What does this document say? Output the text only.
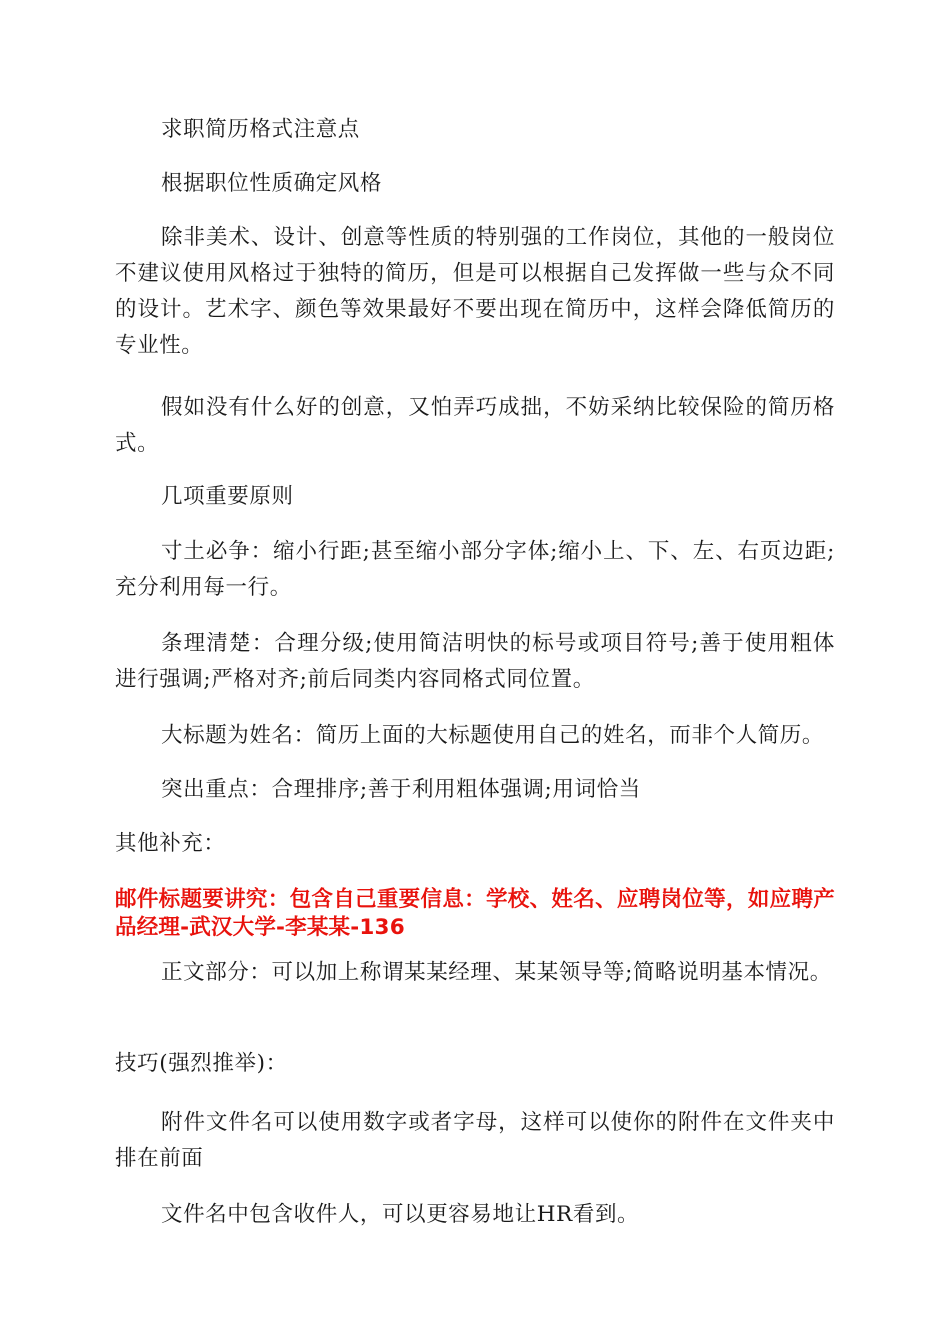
求职简历格式注意点

根据职位性质确定风格

除非美术、设计、创意等性质的特别强的工作岗位，其他的一般岗位不建议使用风格过于独特的简历，但是可以根据自己发挥做一些与众不同的设计。艺术字、颜色等效果最好不要出现在简历中，这样会降低简历的专业性。

假如没有什么好的创意，又怕弄巧成拙，不妨采纳比较保险的简历格式。

几项重要原则

寸土必争：缩小行距;甚至缩小部分字体;缩小上、下、左、右页边距;充分利用每一行。

条理清楚：合理分级;使用简洁明快的标号或项目符号;善于使用粗体进行强调;严格对齐;前后同类内容同格式同位置。

大标题为姓名：简历上面的大标题使用自己的姓名，而非个人简历。

突出重点：合理排序;善于利用粗体强调;用词恰当

其他补充：

邮件标题要讲究：包含自己重要信息：学校、姓名、应聘岗位等，如应聘产品经理-武汉大学-李某某-136

正文部分：可以加上称谓某某经理、某某领导等;简略说明基本情况。

技巧(强烈推举)：

附件文件名可以使用数字或者字母，这样可以使你的附件在文件夹中排在前面

文件名中包含收件人，可以更容易地让HR看到。
